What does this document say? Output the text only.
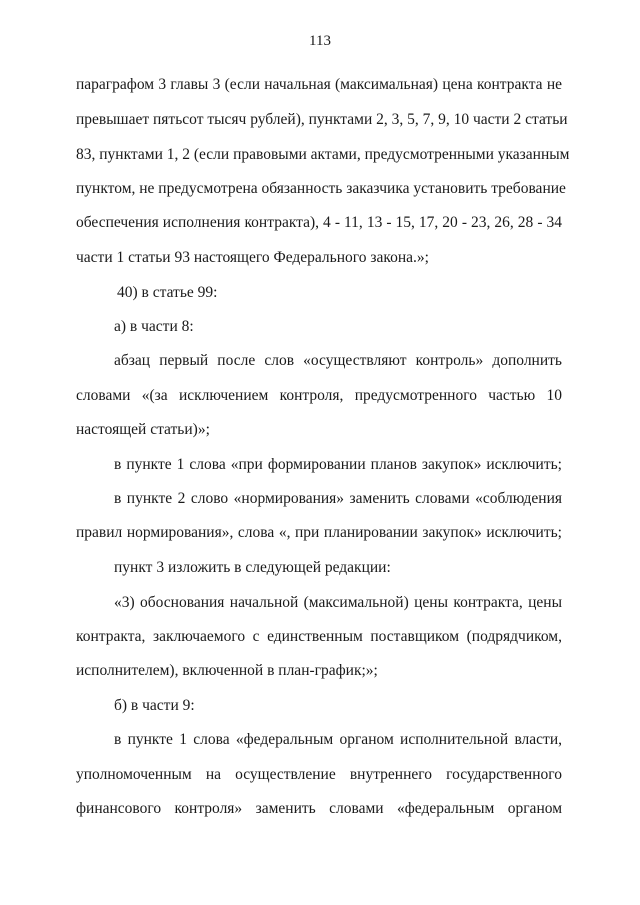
113
параграфом 3 главы 3 (если начальная (максимальная) цена контракта не
превышает пятьсот тысяч рублей), пунктами 2, 3, 5, 7, 9, 10 части 2 статьи
83, пунктами 1, 2 (если правовыми актами, предусмотренными указанным
пунктом, не предусмотрена обязанность заказчика установить требование
обеспечения исполнения контракта), 4 - 11, 13 - 15, 17, 20 - 23, 26, 28 - 34
части 1 статьи 93 настоящего Федерального закона.»;
40) в статье 99:
а) в части 8:
абзац первый после слов «осуществляют контроль» дополнить
словами «(за исключением контроля, предусмотренного частью 10
настоящей статьи)»;
в пункте 1 слова «при формировании планов закупок» исключить;
в пункте 2 слово «нормирования» заменить словами «соблюдения
правил нормирования», слова «, при планировании закупок» исключить;
пункт 3 изложить в следующей редакции:
«3) обоснования начальной (максимальной) цены контракта, цены
контракта, заключаемого с единственным поставщиком (подрядчиком,
исполнителем), включенной в план-график;»;
б) в части 9:
в пункте 1 слова «федеральным органом исполнительной власти,
уполномоченным на осуществление внутреннего государственного
финансового контроля» заменить словами «федеральным органом
